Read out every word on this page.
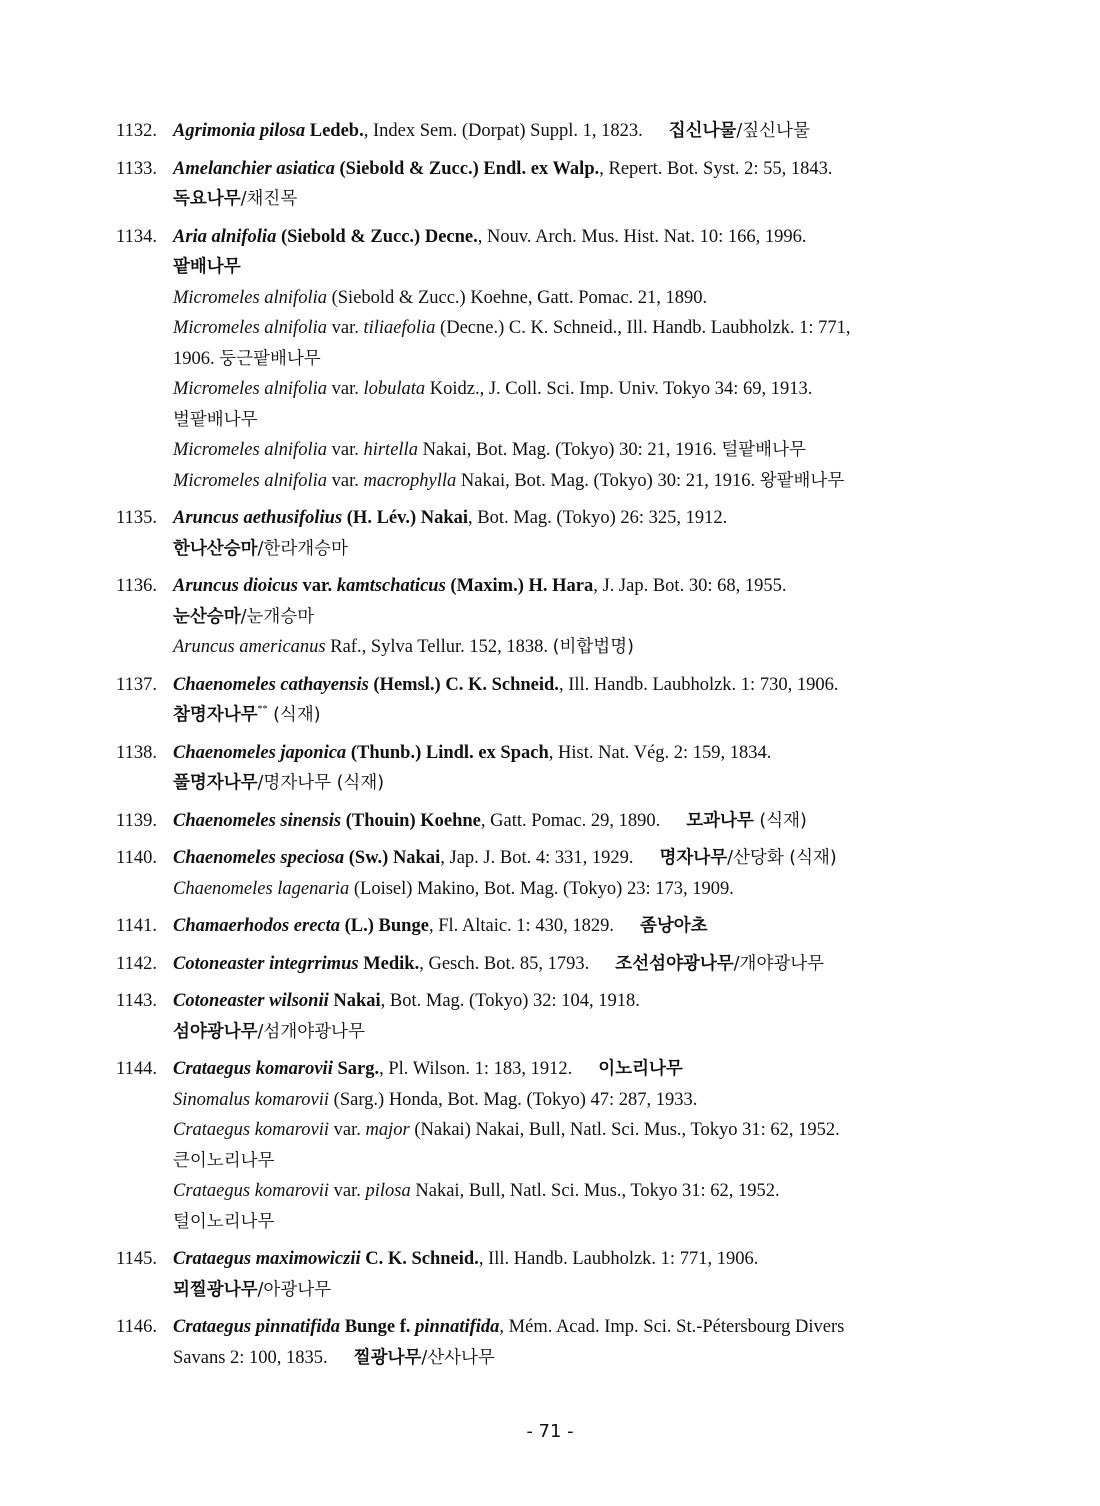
1132. Agrimonia pilosa Ledeb., Index Sem. (Dorpat) Suppl. 1, 1823. 집신나물/짚신나물
1133. Amelanchier asiatica (Siebold & Zucc.) Endl. ex Walp., Repert. Bot. Syst. 2: 55, 1843.
독요나무/채진목
1134. Aria alnifolia (Siebold & Zucc.) Decne., Nouv. Arch. Mus. Hist. Nat. 10: 166, 1996.
팥배나무
Micromeles alnifolia (Siebold & Zucc.) Koehne, Gatt. Pomac. 21, 1890.
Micromeles alnifolia var. tiliaefolia (Decne.) C. K. Schneid., Ill. Handb. Laubholzk. 1: 771,
1906. 둥근팥배나무
Micromeles alnifolia var. lobulata Koidz., J. Coll. Sci. Imp. Univ. Tokyo 34: 69, 1913.
벌팥배나무
Micromeles alnifolia var. hirtella Nakai, Bot. Mag. (Tokyo) 30: 21, 1916. 털팥배나무
Micromeles alnifolia var. macrophylla Nakai, Bot. Mag. (Tokyo) 30: 21, 1916. 왕팥배나무
1135. Aruncus aethusifolius (H. Lév.) Nakai, Bot. Mag. (Tokyo) 26: 325, 1912.
한나산승마/한라개승마
1136. Aruncus dioicus var. kamtschaticus (Maxim.) H. Hara, J. Jap. Bot. 30: 68, 1955.
눈산승마/눈개승마
Aruncus americanus Raf., Sylva Tellur. 152, 1838. (비합법명)
1137. Chaenomeles cathayensis (Hemsl.) C. K. Schneid., Ill. Handb. Laubholzk. 1: 730, 1906.
참명자나무** (식재)
1138. Chaenomeles japonica (Thunb.) Lindl. ex Spach, Hist. Nat. Vég. 2: 159, 1834.
풀명자나무/명자나무 (식재)
1139. Chaenomeles sinensis (Thouin) Koehne, Gatt. Pomac. 29, 1890. 모과나무 (식재)
1140. Chaenomeles speciosa (Sw.) Nakai, Jap. J. Bot. 4: 331, 1929. 명자나무/산당화 (식재)
Chaenomeles lagenaria (Loisel) Makino, Bot. Mag. (Tokyo) 23: 173, 1909.
1141. Chamaerhodos erecta (L.) Bunge, Fl. Altaic. 1: 430, 1829. 좀낭아초
1142. Cotoneaster integrrimus Medik., Gesch. Bot. 85, 1793. 조선섬야광나무/개야광나무
1143. Cotoneaster wilsonii Nakai, Bot. Mag. (Tokyo) 32: 104, 1918.
섬야광나무/섬개야광나무
1144. Crataegus komarovii Sarg., Pl. Wilson. 1: 183, 1912. 이노리나무
Sinomalus komarovii (Sarg.) Honda, Bot. Mag. (Tokyo) 47: 287, 1933.
Crataegus komarovii var. major (Nakai) Nakai, Bull, Natl. Sci. Mus., Tokyo 31: 62, 1952.
큰이노리나무
Crataegus komarovii var. pilosa Nakai, Bull, Natl. Sci. Mus., Tokyo 31: 62, 1952.
털이노리나무
1145. Crataegus maximowiczii C. K. Schneid., Ill. Handb. Laubholzk. 1: 771, 1906.
뫼찔광나무/아광나무
1146. Crataegus pinnatifida Bunge f. pinnatifida, Mém. Acad. Imp. Sci. St.-Pétersbourg Divers
Savans 2: 100, 1835. 찔광나무/산사나무
- 71 -
